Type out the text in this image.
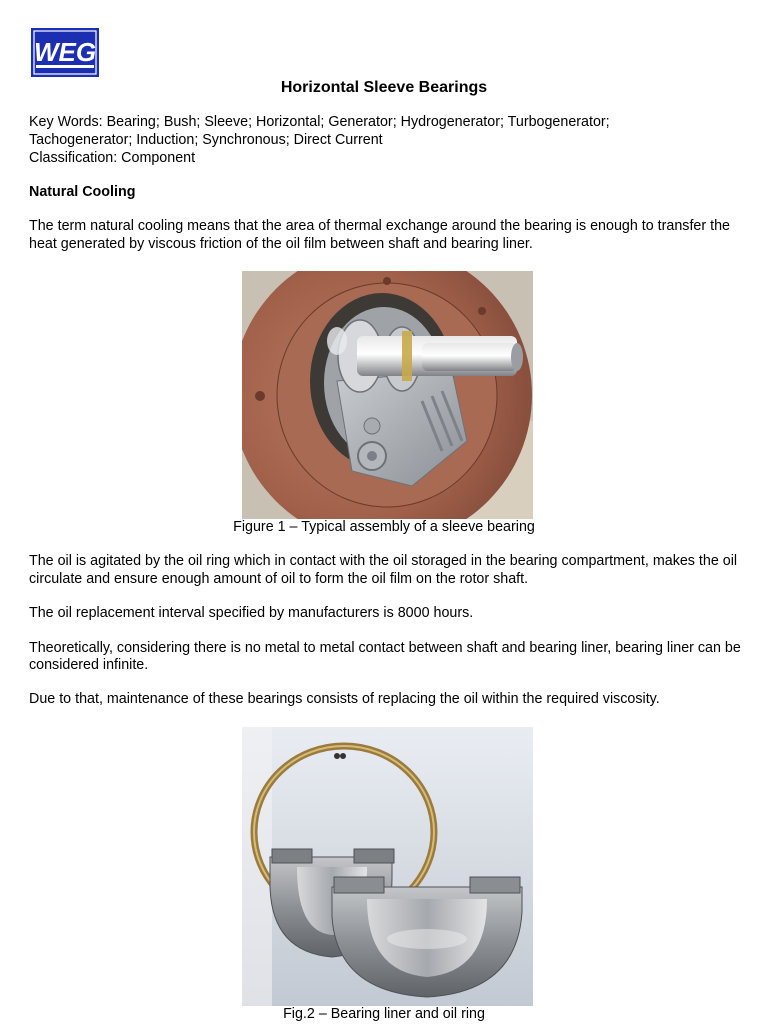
WEG
Horizontal Sleeve Bearings

Key Words: Bearing; Bush; Sleeve; Horizontal; Generator; Hydrogenerator; Turbogenerator;

Tachogenerator; Induction; Synchronous; Direct Current

Classification: Component

Natural Cooling

The term natural cooling means that the area of thermal exchange around the bearing is enough to transfer the heat generated by viscous friction of the oil film between shaft and bearing liner.

Figure 1 – Typical assembly of a sleeve bearing

The oil is agitated by the oil ring which in contact with the oil storaged in the bearing compartment, makes the oil circulate and ensure enough amount of oil to form the oil film on the rotor shaft.

The oil replacement interval specified by manufacturers is 8000 hours.

Theoretically, considering there is no metal to metal contact between shaft and bearing liner, bearing liner can be considered infinite.

Due to that, maintenance of these bearings consists of replacing the oil within the required viscosity.

Fig.2 – Bearing liner and oil ring
